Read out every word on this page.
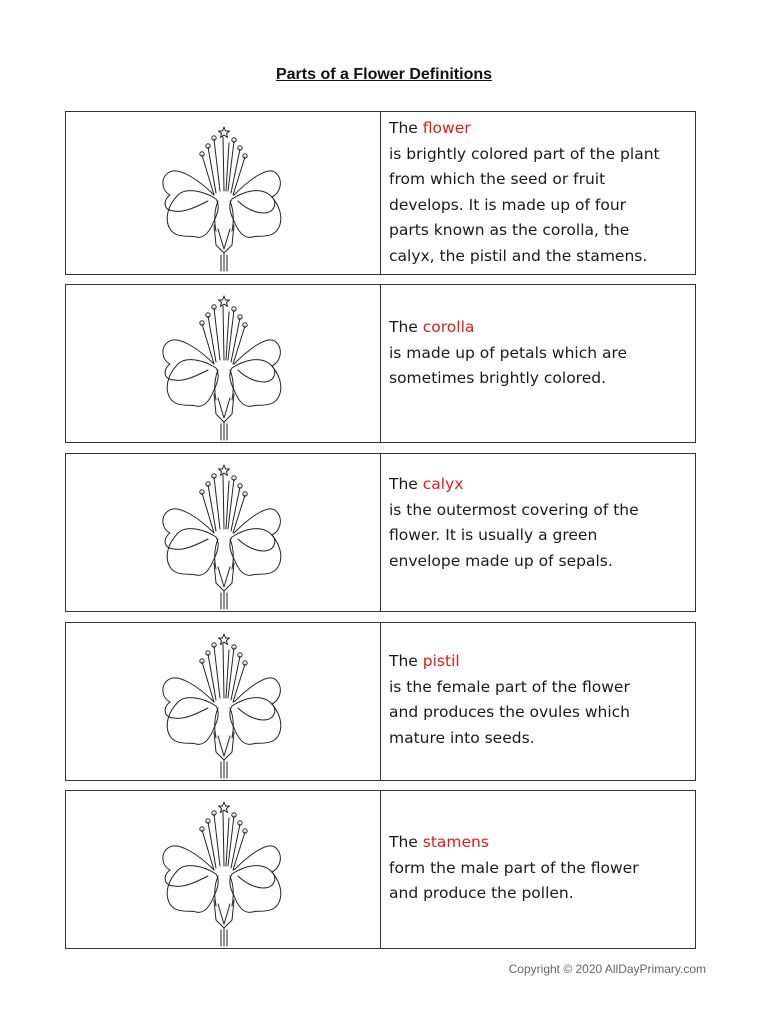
Parts of a Flower Definitions
The flower
is brightly colored part of the plant
from which the seed or fruit
develops. It is made up of four
parts known as the corolla, the
calyx, the pistil and the stamens.
The corolla
is made up of petals which are
sometimes brightly colored.
The calyx
is the outermost covering of the
flower. It is usually a green
envelope made up of sepals.
The pistil
is the female part of the flower
and produces the ovules which
mature into seeds.
The stamens
form the male part of the flower
and produce the pollen.
Copyright © 2020 AllDayPrimary.com
